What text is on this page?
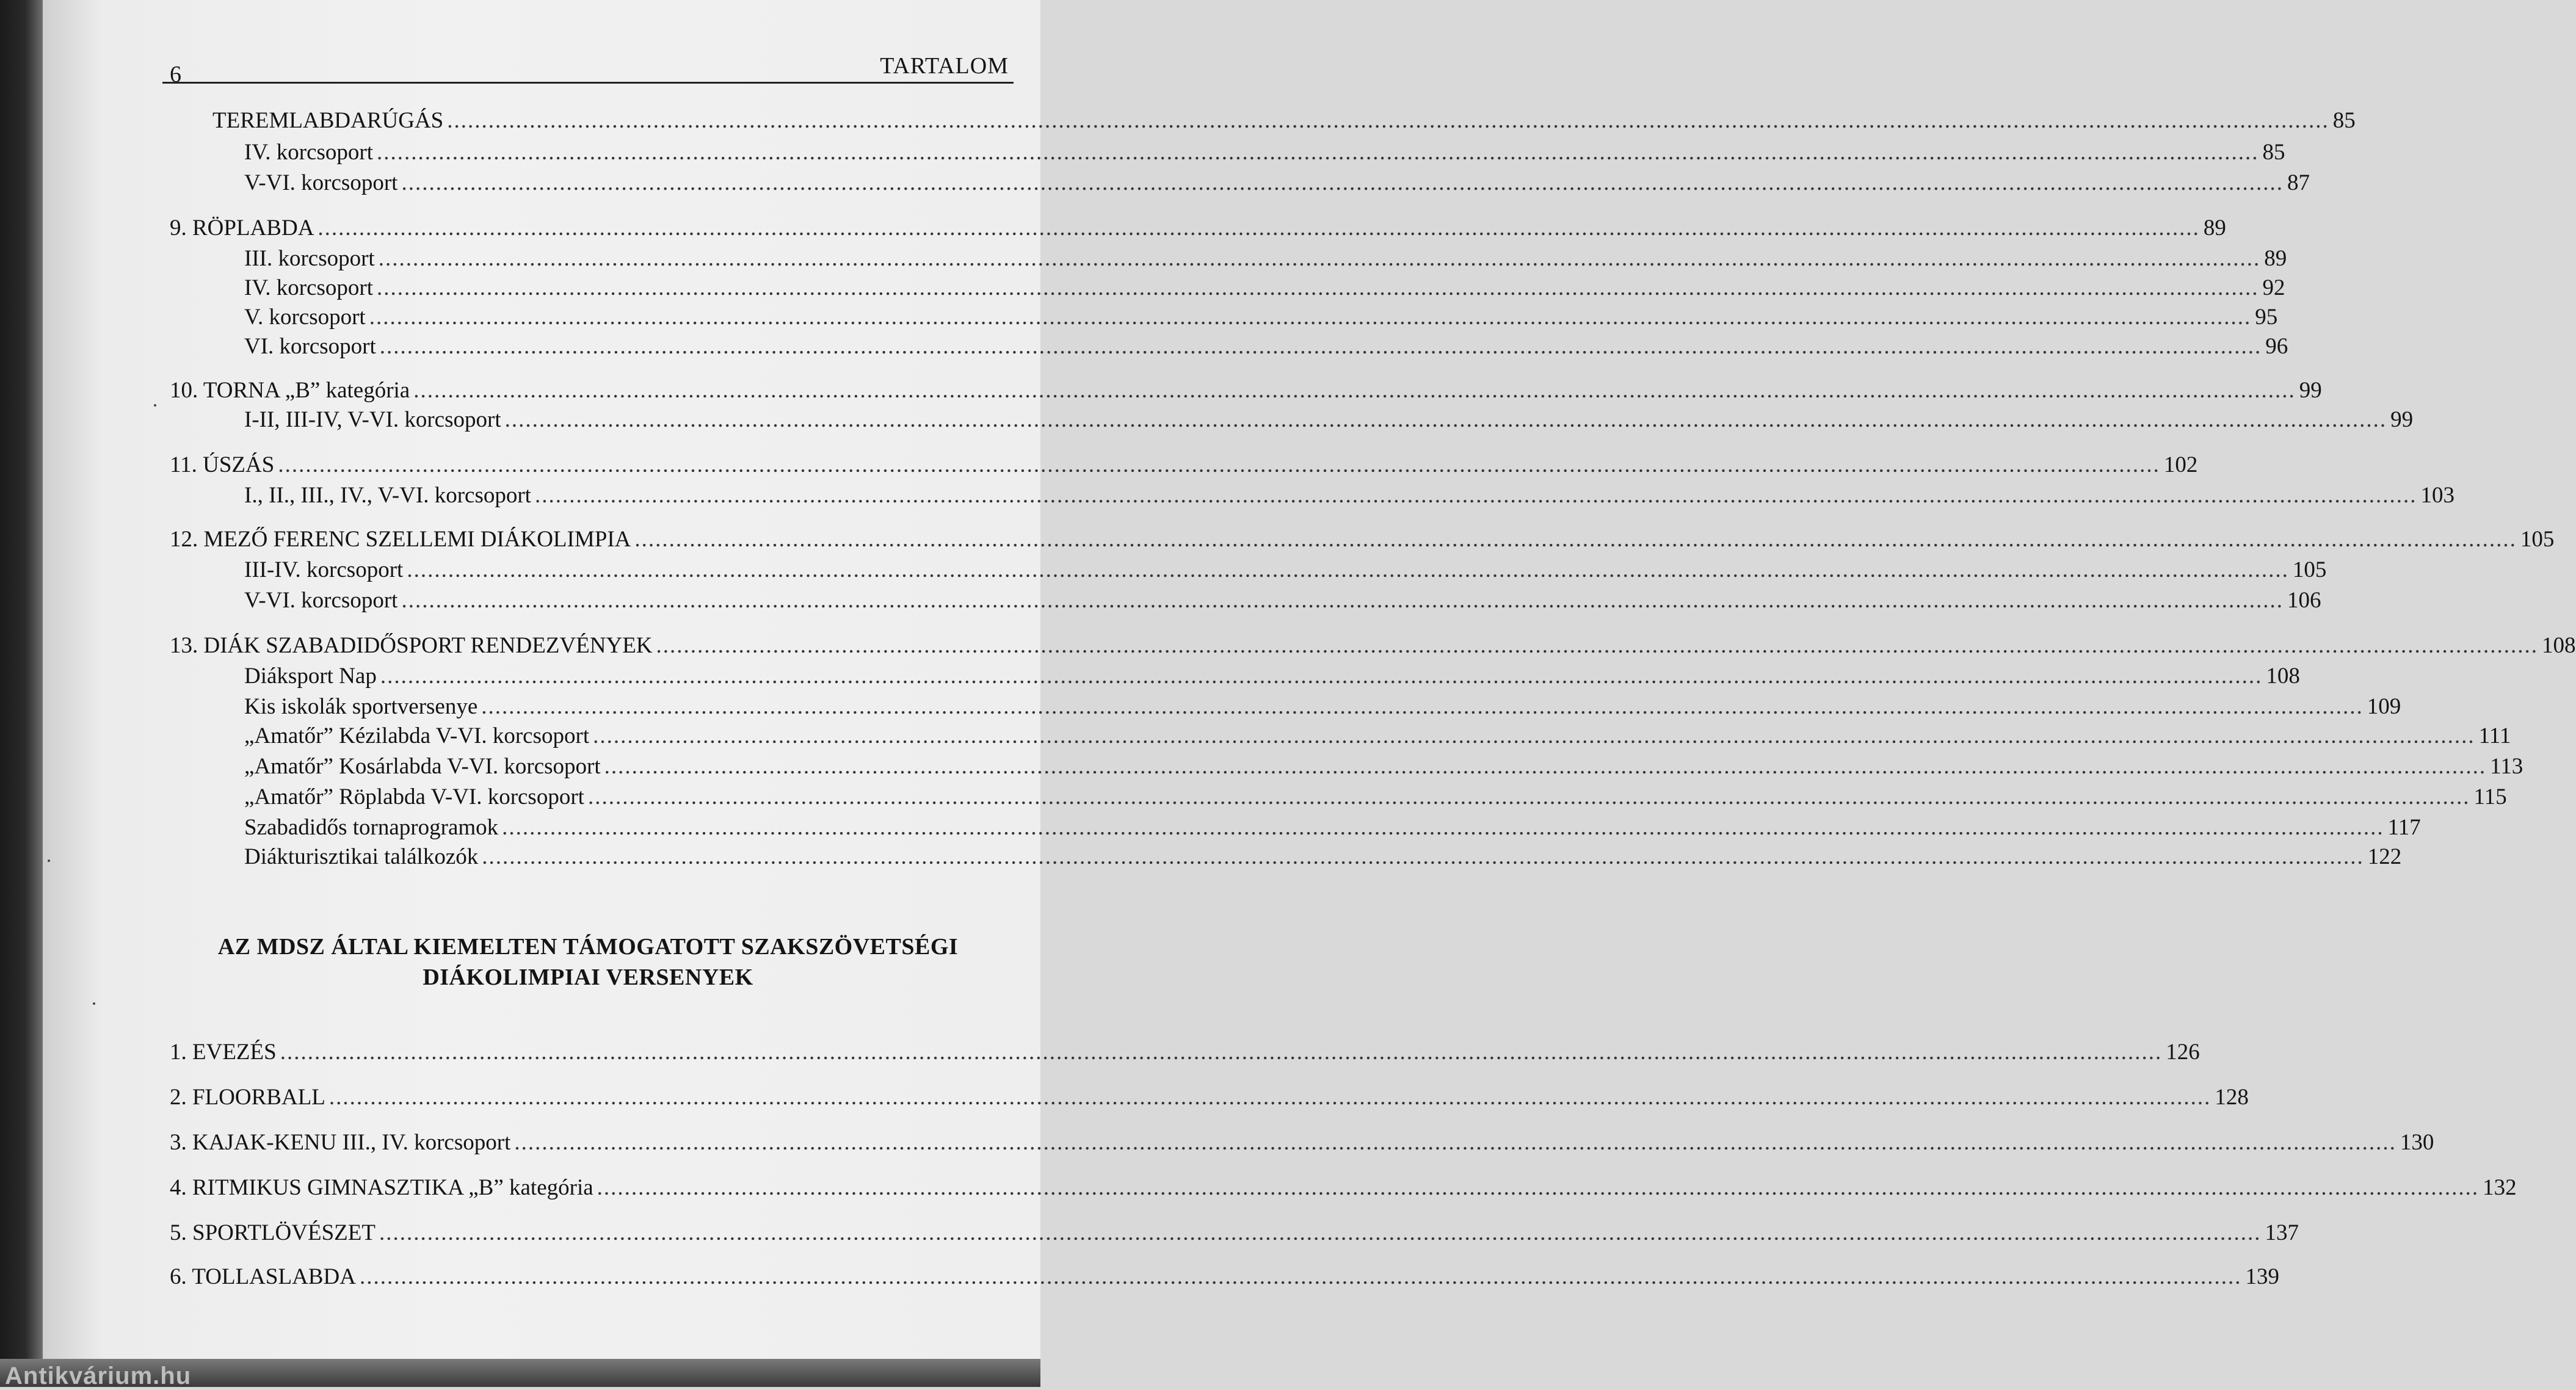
6	TARTALOM
TEREMLABDARÚGÁS .................................................................................................................................................................................................................................................................................. 85
IV. korcsoport .................................................................................................................................................................................................................................................................................. 85
V-VI. korcsoport .................................................................................................................................................................................................................................................................................. 87
9. RÖPLABDA .................................................................................................................................................................................................................................................................................. 89
III. korcsoport .................................................................................................................................................................................................................................................................................. 89
IV. korcsoport .................................................................................................................................................................................................................................................................................. 92
V. korcsoport .................................................................................................................................................................................................................................................................................. 95
VI. korcsoport .................................................................................................................................................................................................................................................................................. 96
10. TORNA „B” kategória .................................................................................................................................................................................................................................................................................. 99
I-II, III-IV, V-VI. korcsoport .................................................................................................................................................................................................................................................................................. 99
11. ÚSZÁS .................................................................................................................................................................................................................................................................................. 102
I., II., III., IV., V-VI. korcsoport .................................................................................................................................................................................................................................................................................. 103
12. MEZŐ FERENC SZELLEMI DIÁKOLIMPIA .................................................................................................................................................................................................................................................................................. 105
III-IV. korcsoport .................................................................................................................................................................................................................................................................................. 105
V-VI. korcsoport .................................................................................................................................................................................................................................................................................. 106
13. DIÁK SZABADIDŐSPORT RENDEZVÉNYEK .................................................................................................................................................................................................................................................................................. 108
Diáksport Nap .................................................................................................................................................................................................................................................................................. 108
Kis iskolák sportversenye .................................................................................................................................................................................................................................................................................. 109
„Amatőr” Kézilabda V-VI. korcsoport .................................................................................................................................................................................................................................................................................. 111
„Amatőr” Kosárlabda V-VI. korcsoport .................................................................................................................................................................................................................................................................................. 113
„Amatőr” Röplabda V-VI. korcsoport .................................................................................................................................................................................................................................................................................. 115
Szabadidős tornaprogramok .................................................................................................................................................................................................................................................................................. 117
Diákturisztikai találkozók .................................................................................................................................................................................................................................................................................. 122
AZ MDSZ ÁLTAL KIEMELTEN TÁMOGATOTT SZAKSZÖVETSÉGI
DIÁKOLIMPIAI VERSENYEK
1. EVEZÉS .................................................................................................................................................................................................................................................................................. 126
2. FLOORBALL .................................................................................................................................................................................................................................................................................. 128
3. KAJAK-KENU III., IV. korcsoport .................................................................................................................................................................................................................................................................................. 130
4. RITMIKUS GIMNASZTIKA „B” kategória .................................................................................................................................................................................................................................................................................. 132
5. SPORTLÖVÉSZET .................................................................................................................................................................................................................................................................................. 137
6. TOLLASLABDA .................................................................................................................................................................................................................................................................................. 139
Antikvárium.hu
